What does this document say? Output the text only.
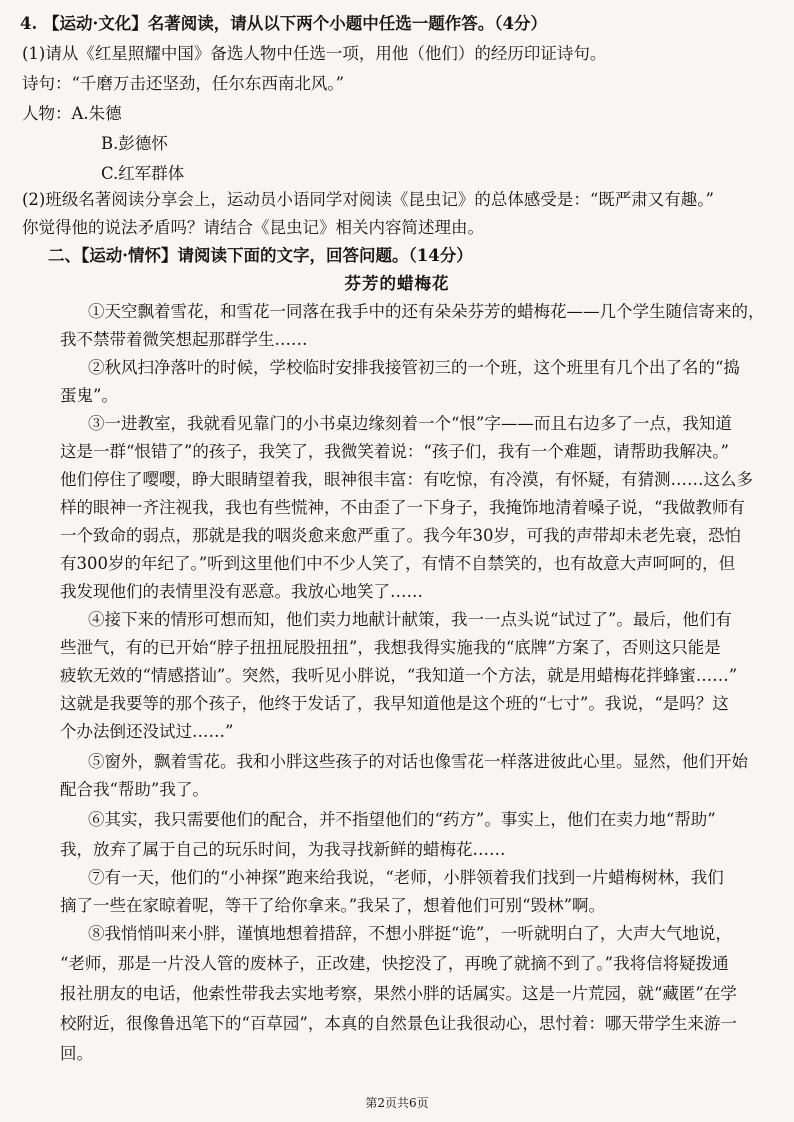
4. 【运动·文化】名著阅读，请从以下两个小题中任选一题作答。（4分）
(1)请从《红星照耀中国》备选人物中任选一项，用他（他们）的经历印证诗句。
诗句：“千磨万击还坚劲，任尔东西南北风。”
人物：A.朱德
B.彭德怀
C.红军群体
(2)班级名著阅读分享会上，运动员小语同学对阅读《昆虫记》的总体感受是：“既严肃又有趣。”
你觉得他的说法矛盾吗？请结合《昆虫记》相关内容简述理由。
二、【运动·情怀】请阅读下面的文字，回答问题。（14分）
芬芳的蜡梅花
①天空飘着雪花，和雪花一同落在我手中的还有朵朵芬芳的蜡梅花——几个学生随信寄来的，
我不禁带着微笑想起那群学生……
②秋风扫净落叶的时候，学校临时安排我接管初三的一个班，这个班里有几个出了名的“捣
蛋鬼”。
③一进教室，我就看见靠门的小书桌边缘刻着一个“恨”字——而且右边多了一点，我知道
这是一群“恨错了”的孩子，我笑了，我微笑着说：“孩子们，我有一个难题，请帮助我解决。”
他们停住了嘤嘤，睁大眼睛望着我，眼神很丰富：有吃惊，有冷漠，有怀疑，有猜测……这么多
样的眼神一齐注视我，我也有些慌神，不由歪了一下身子，我掩饰地清着嗓子说，“我做教师有
一个致命的弱点，那就是我的咽炎愈来愈严重了。我今年30岁，可我的声带却未老先衰，恐怕
有300岁的年纪了。”听到这里他们中不少人笑了，有情不自禁笑的，也有故意大声呵呵的，但
我发现他们的表情里没有恶意。我放心地笑了……
④接下来的情形可想而知，他们卖力地献计献策，我一一点头说“试过了”。最后，他们有
些泄气，有的已开始“脖子扭扭屁股扭扭”，我想我得实施我的“底牌”方案了，否则这只能是
疲软无效的“情感搭讪”。突然，我听见小胖说，“我知道一个方法，就是用蜡梅花拌蜂蜜……”
这就是我要等的那个孩子，他终于发话了，我早知道他是这个班的“七寸”。我说，“是吗？这
个办法倒还没试过……”
⑤窗外，飘着雪花。我和小胖这些孩子的对话也像雪花一样落进彼此心里。显然，他们开始
配合我“帮助”我了。
⑥其实，我只需要他们的配合，并不指望他们的“药方”。事实上，他们在卖力地“帮助”
我，放弃了属于自己的玩乐时间，为我寻找新鲜的蜡梅花……
⑦有一天，他们的“小神探”跑来给我说，“老师，小胖领着我们找到一片蜡梅树林，我们
摘了一些在家晾着呢，等干了给你拿来。”我呆了，想着他们可别“毁林”啊。
⑧我悄悄叫来小胖，谨慎地想着措辞，不想小胖挺“诡”，一听就明白了，大声大气地说，
“老师，那是一片没人管的废林子，正改建，快挖没了，再晚了就摘不到了。”我将信将疑拨通
报社朋友的电话，他索性带我去实地考察，果然小胖的话属实。这是一片荒园，就“藏匿”在学
校附近，很像鲁迅笔下的“百草园”，本真的自然景色让我很动心，思忖着：哪天带学生来游一
回。
第2页共6页
